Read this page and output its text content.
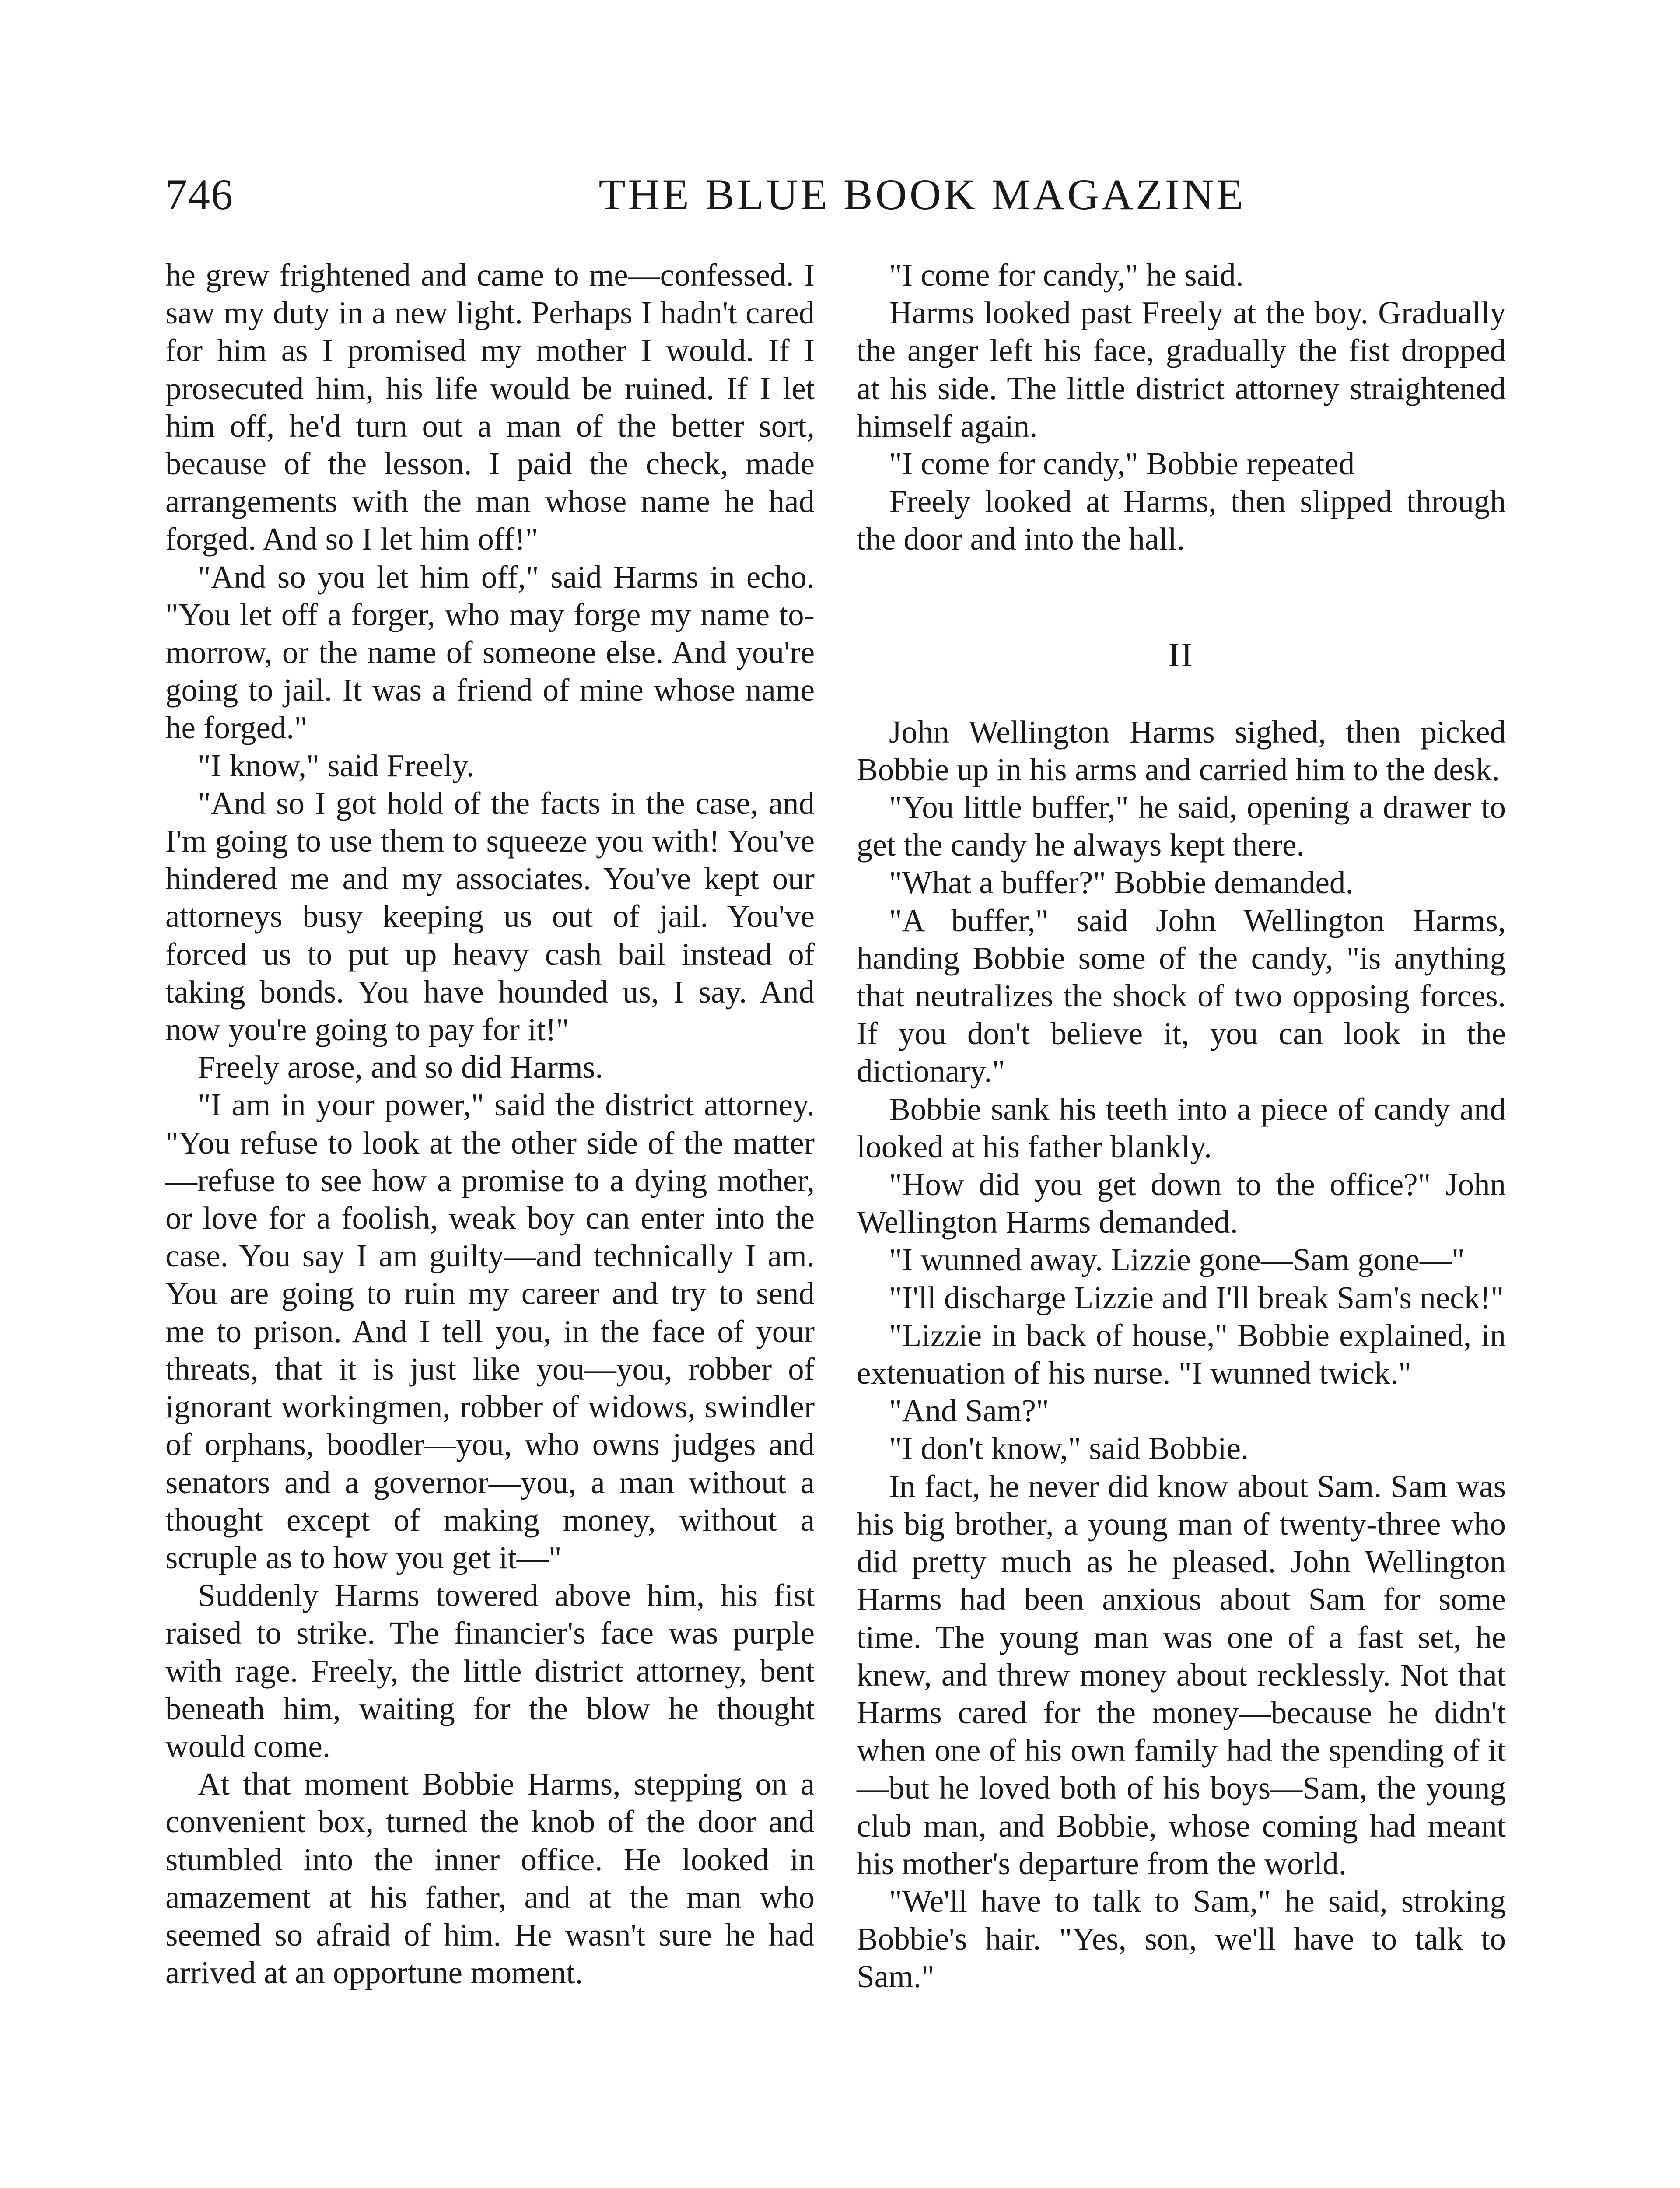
746	THE BLUE BOOK MAGAZINE

he grew frightened and came to me—confessed. I saw my duty in a new light. Perhaps I hadn't cared for him as I promised my mother I would. If I prosecuted him, his life would be ruined. If I let him off, he'd turn out a man of the better sort, because of the lesson. I paid the check, made arrangements with the man whose name he had forged. And so I let him off!"

"And so you let him off," said Harms in echo. "You let off a forger, who may forge my name to-morrow, or the name of someone else. And you're going to jail. It was a friend of mine whose name he forged."

"I know," said Freely.

"And so I got hold of the facts in the case, and I'm going to use them to squeeze you with! You've hindered me and my associates. You've kept our attorneys busy keeping us out of jail. You've forced us to put up heavy cash bail instead of taking bonds. You have hounded us, I say. And now you're going to pay for it!"

Freely arose, and so did Harms.

"I am in your power," said the district attorney. "You refuse to look at the other side of the matter—refuse to see how a promise to a dying mother, or love for a foolish, weak boy can enter into the case. You say I am guilty—and technically I am. You are going to ruin my career and try to send me to prison. And I tell you, in the face of your threats, that it is just like you—you, robber of ignorant workingmen, robber of widows, swindler of orphans, boodler—you, who owns judges and senators and a governor—you, a man without a thought except of making money, without a scruple as to how you get it—"

Suddenly Harms towered above him, his fist raised to strike. The financier's face was purple with rage. Freely, the little district attorney, bent beneath him, waiting for the blow he thought would come.

At that moment Bobbie Harms, stepping on a convenient box, turned the knob of the door and stumbled into the inner office. He looked in amazement at his father, and at the man who seemed so afraid of him. He wasn't sure he had arrived at an opportune moment.

"I come for candy," he said.

Harms looked past Freely at the boy. Gradually the anger left his face, gradually the fist dropped at his side. The little district attorney straightened himself again.

"I come for candy," Bobbie repeated

Freely looked at Harms, then slipped through the door and into the hall.

II

John Wellington Harms sighed, then picked Bobbie up in his arms and carried him to the desk.

"You little buffer," he said, opening a drawer to get the candy he always kept there.

"What a buffer?" Bobbie demanded.

"A buffer," said John Wellington Harms, handing Bobbie some of the candy, "is anything that neutralizes the shock of two opposing forces. If you don't believe it, you can look in the dictionary."

Bobbie sank his teeth into a piece of candy and looked at his father blankly.

"How did you get down to the office?" John Wellington Harms demanded.

"I wunned away. Lizzie gone—Sam gone—"

"I'll discharge Lizzie and I'll break Sam's neck!"

"Lizzie in back of house," Bobbie explained, in extenuation of his nurse. "I wunned twick."

"And Sam?"

"I don't know," said Bobbie.

In fact, he never did know about Sam. Sam was his big brother, a young man of twenty-three who did pretty much as he pleased. John Wellington Harms had been anxious about Sam for some time. The young man was one of a fast set, he knew, and threw money about recklessly. Not that Harms cared for the money—because he didn't when one of his own family had the spending of it—but he loved both of his boys—Sam, the young club man, and Bobbie, whose coming had meant his mother's departure from the world.

"We'll have to talk to Sam," he said, stroking Bobbie's hair. "Yes, son, we'll have to talk to Sam."
